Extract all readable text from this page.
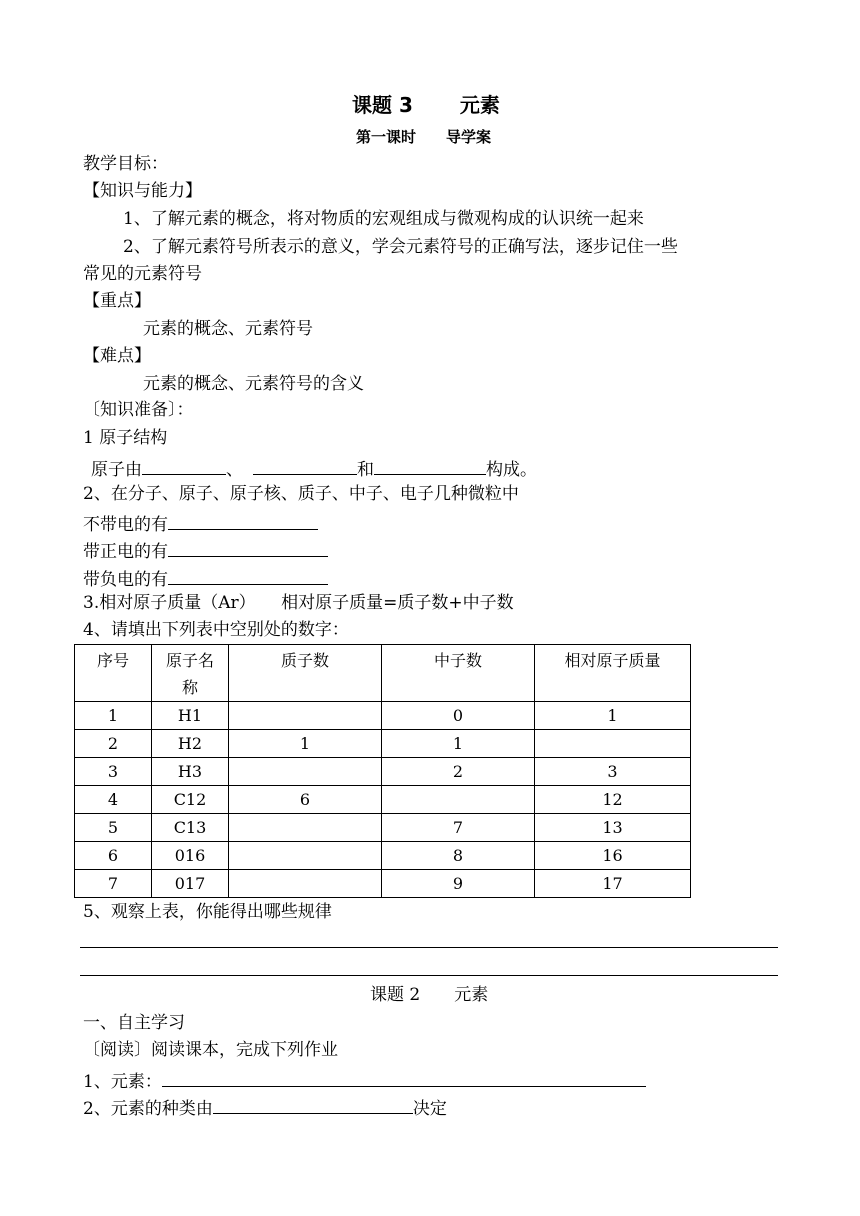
课题 3　　 元素
第一课时　　导学案
教学目标：
【知识与能力】
1、了解元素的概念，将对物质的宏观组成与微观构成的认识统一起来
2、了解元素符号所表示的意义，学会元素符号的正确写法，逐步记住一些
常见的元素符号
【重点】
元素的概念、元素符号
【难点】
元素的概念、元素符号的含义
〔知识准备〕：
1 原子结构
原子由	、	和	构成。
2、在分子、原子、原子核、质子、中子、电子几种微粒中
不带电的有
带正电的有
带负电的有
3.相对原子质量（Ar）　　相对原子质量=质子数+中子数
4、请填出下列表中空别处的数字：
序号	原子名称	质子数	中子数	相对原子质量
1	H1		0	1
2	H2	1	1	
3	H3		2	3
4	C12	6		12
5	C13		7	13
6	016		8	16
7	017		9	17
5、观察上表，你能得出哪些规律
课题 2　　元素
一、自主学习
〔阅读〕阅读课本，完成下列作业
1、元素：
2、元素的种类由	决定
